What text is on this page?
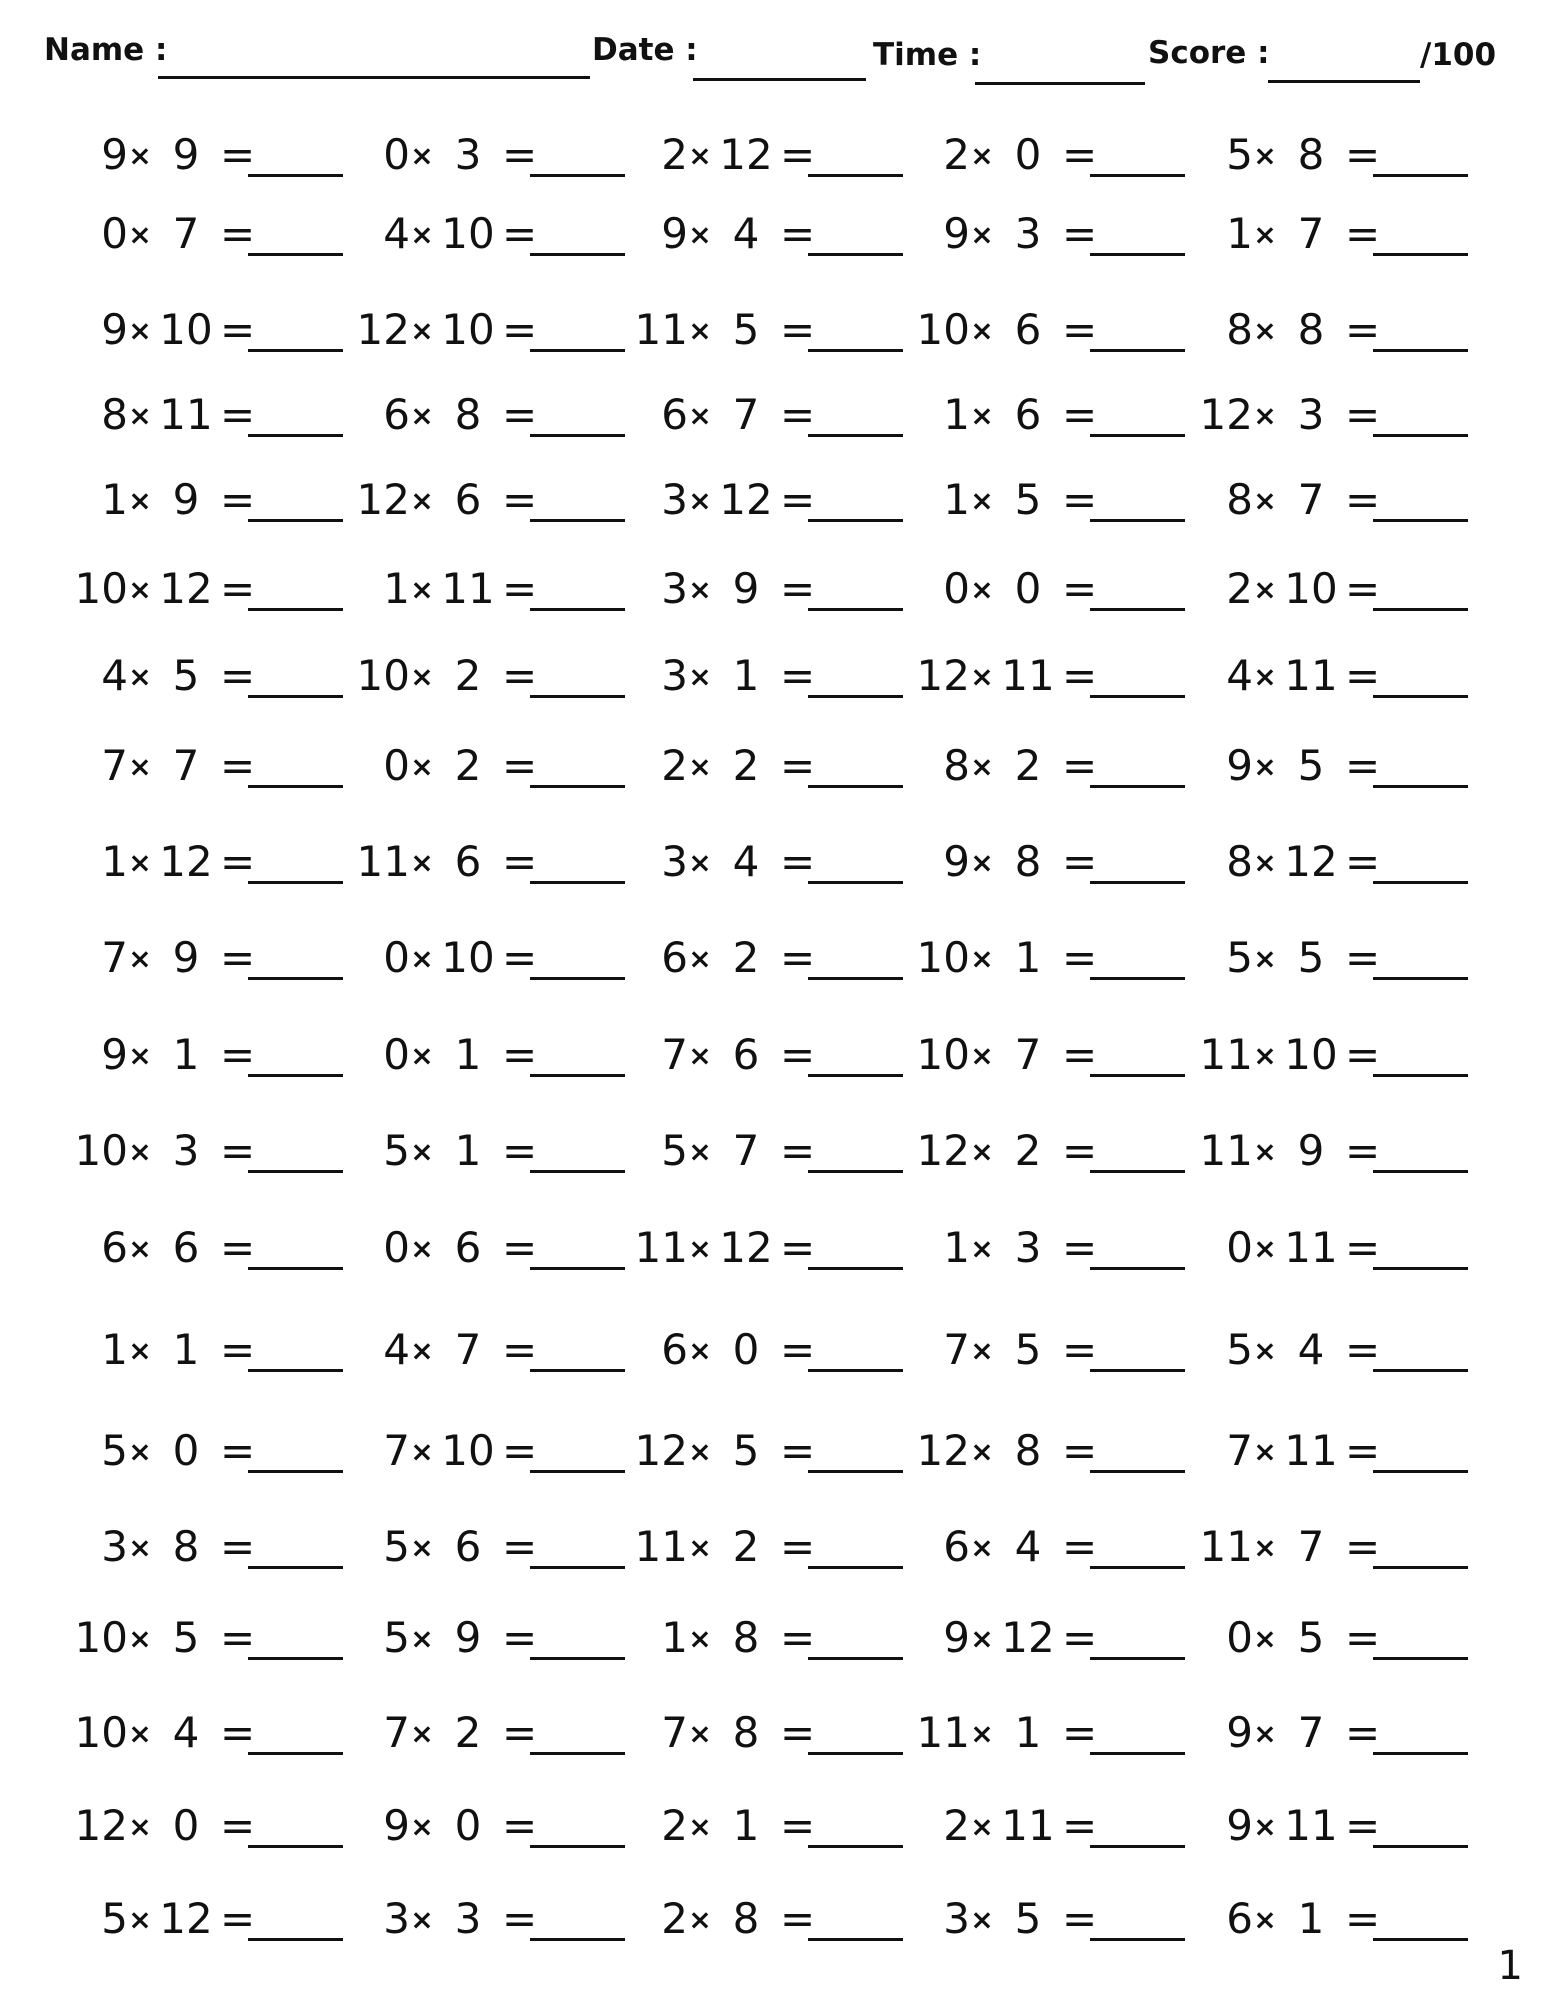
Name :	Date :	Time :	Score :	/100
9 × 9 =	0 × 3 =	2 × 12 =	2 × 0 =	5 × 8 =
0 × 7 =	4 × 10 =	9 × 4 =	9 × 3 =	1 × 7 =
9 × 10 = 12 × 10 = 11 × 5 = 10 × 6 =	8 × 8 =
8 × 11 =	6 × 8 =	6 × 7 =	1 × 6 = 12 × 3 =
1 × 9 = 12 × 6 =	3 × 12 =	1 × 5 =	8 × 7 =
10 × 12 =	1 × 11 =	3 × 9 =	0 × 0 =	2 × 10 =
4 × 5 = 10 × 2 =	3 × 1 = 12 × 11 =	4 × 11 =
7 × 7 =	0 × 2 =	2 × 2 =	8 × 2 =	9 × 5 =
1 × 12 = 11 × 6 =	3 × 4 =	9 × 8 =	8 × 12 =
7 × 9 =	0 × 10 =	6 × 2 = 10 × 1 =	5 × 5 =
9 × 1 =	0 × 1 =	7 × 6 = 10 × 7 = 11 × 10 =
10 × 3 =	5 × 1 =	5 × 7 = 12 × 2 = 11 × 9 =
6 × 6 =	0 × 6 = 11 × 12 =	1 × 3 =	0 × 11 =
1 × 1 =	4 × 7 =	6 × 0 =	7 × 5 =	5 × 4 =
5 × 0 =	7 × 10 = 12 × 5 = 12 × 8 =	7 × 11 =
3 × 8 =	5 × 6 = 11 × 2 =	6 × 4 = 11 × 7 =
10 × 5 =	5 × 9 =	1 × 8 =	9 × 12 =	0 × 5 =
10 × 4 =	7 × 2 =	7 × 8 = 11 × 1 =	9 × 7 =
12 × 0 =	9 × 0 =	2 × 1 =	2 × 11 =	9 × 11 =
5 × 12 =	3 × 3 =	2 × 8 =	3 × 5 =	6 × 1 =
1
